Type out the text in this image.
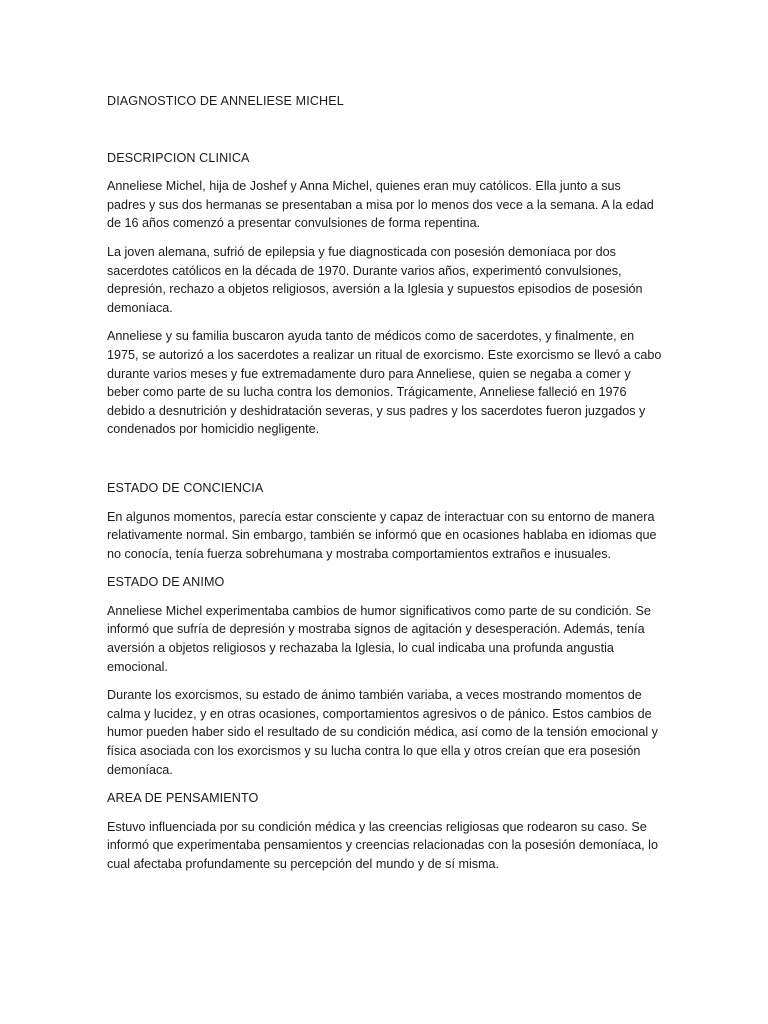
DIAGNOSTICO DE ANNELIESE MICHEL

DESCRIPCION CLINICA

Anneliese Michel, hija de Joshef y Anna Michel, quienes eran muy católicos. Ella junto a sus
padres y sus dos hermanas se presentaban a misa por lo menos dos vece a la semana. A la edad
de 16 años comenzó a presentar convulsiones de forma repentina.

La joven alemana, sufrió de epilepsia y fue diagnosticada con posesión demoníaca por dos
sacerdotes católicos en la década de 1970. Durante varios años, experimentó convulsiones,
depresión, rechazo a objetos religiosos, aversión a la Iglesia y supuestos episodios de posesión
demoníaca.

Anneliese y su familia buscaron ayuda tanto de médicos como de sacerdotes, y finalmente, en
1975, se autorizó a los sacerdotes a realizar un ritual de exorcismo. Este exorcismo se llevó a cabo
durante varios meses y fue extremadamente duro para Anneliese, quien se negaba a comer y
beber como parte de su lucha contra los demonios. Trágicamente, Anneliese falleció en 1976
debido a desnutrición y deshidratación severas, y sus padres y los sacerdotes fueron juzgados y
condenados por homicidio negligente.

ESTADO DE CONCIENCIA

En algunos momentos, parecía estar consciente y capaz de interactuar con su entorno de manera
relativamente normal. Sin embargo, también se informó que en ocasiones hablaba en idiomas que
no conocía, tenía fuerza sobrehumana y mostraba comportamientos extraños e inusuales.

ESTADO DE ANIMO

Anneliese Michel experimentaba cambios de humor significativos como parte de su condición. Se
informó que sufría de depresión y mostraba signos de agitación y desesperación. Además, tenía
aversión a objetos religiosos y rechazaba la Iglesia, lo cual indicaba una profunda angustia
emocional.

Durante los exorcismos, su estado de ánimo también variaba, a veces mostrando momentos de
calma y lucidez, y en otras ocasiones, comportamientos agresivos o de pánico. Estos cambios de
humor pueden haber sido el resultado de su condición médica, así como de la tensión emocional y
física asociada con los exorcismos y su lucha contra lo que ella y otros creían que era posesión
demoníaca.

AREA DE PENSAMIENTO

Estuvo influenciada por su condición médica y las creencias religiosas que rodearon su caso. Se
informó que experimentaba pensamientos y creencias relacionadas con la posesión demoníaca, lo
cual afectaba profundamente su percepción del mundo y de sí misma.
